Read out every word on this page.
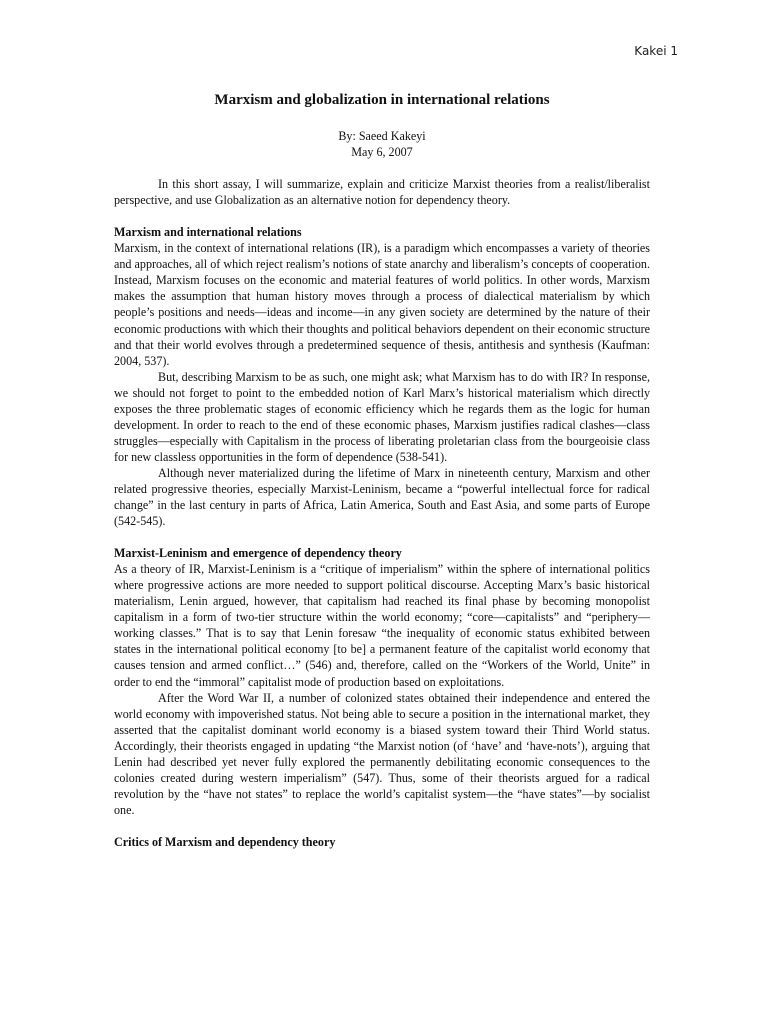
Kakei 1
Marxism and globalization in international relations
By: Saeed Kakeyi
May 6, 2007

In this short assay, I will summarize, explain and criticize Marxist theories from a realist/liberalist perspective, and use Globalization as an alternative notion for dependency theory.

Marxism and international relations

Marxism, in the context of international relations (IR), is a paradigm which encompasses a variety of theories and approaches, all of which reject realism’s notions of state anarchy and liberalism’s concepts of cooperation. Instead, Marxism focuses on the economic and material features of world politics. In other words, Marxism makes the assumption that human history moves through a process of dialectical materialism by which people’s positions and needs—ideas and income—in any given society are determined by the nature of their economic productions with which their thoughts and political behaviors dependent on their economic structure and that their world evolves through a predetermined sequence of thesis, antithesis and synthesis (Kaufman: 2004, 537).

But, describing Marxism to be as such, one might ask; what Marxism has to do with IR? In response, we should not forget to point to the embedded notion of Karl Marx’s historical materialism which directly exposes the three problematic stages of economic efficiency which he regards them as the logic for human development. In order to reach to the end of these economic phases, Marxism justifies radical clashes—class struggles—especially with Capitalism in the process of liberating proletarian class from the bourgeoisie class for new classless opportunities in the form of dependence (538-541).

Although never materialized during the lifetime of Marx in nineteenth century, Marxism and other related progressive theories, especially Marxist-Leninism, became a “powerful intellectual force for radical change” in the last century in parts of Africa, Latin America, South and East Asia, and some parts of Europe (542-545).

Marxist-Leninism and emergence of dependency theory

As a theory of IR, Marxist-Leninism is a “critique of imperialism” within the sphere of international politics where progressive actions are more needed to support political discourse. Accepting Marx’s basic historical materialism, Lenin argued, however, that capitalism had reached its final phase by becoming monopolist capitalism in a form of two-tier structure within the world economy; “core—capitalists” and “periphery—working classes.” That is to say that Lenin foresaw “the inequality of economic status exhibited between states in the international political economy [to be] a permanent feature of the capitalist world economy that causes tension and armed conflict…” (546) and, therefore, called on the “Workers of the World, Unite” in order to end the “immoral” capitalist mode of production based on exploitations.

After the Word War II, a number of colonized states obtained their independence and entered the world economy with impoverished status. Not being able to secure a position in the international market, they asserted that the capitalist dominant world economy is a biased system toward their Third World status. Accordingly, their theorists engaged in updating “the Marxist notion (of ‘have’ and ‘have-nots’), arguing that Lenin had described yet never fully explored the permanently debilitating economic consequences to the colonies created during western imperialism” (547). Thus, some of their theorists argued for a radical revolution by the “have not states” to replace the world’s capitalist system—the “have states”—by socialist one.

Critics of Marxism and dependency theory
